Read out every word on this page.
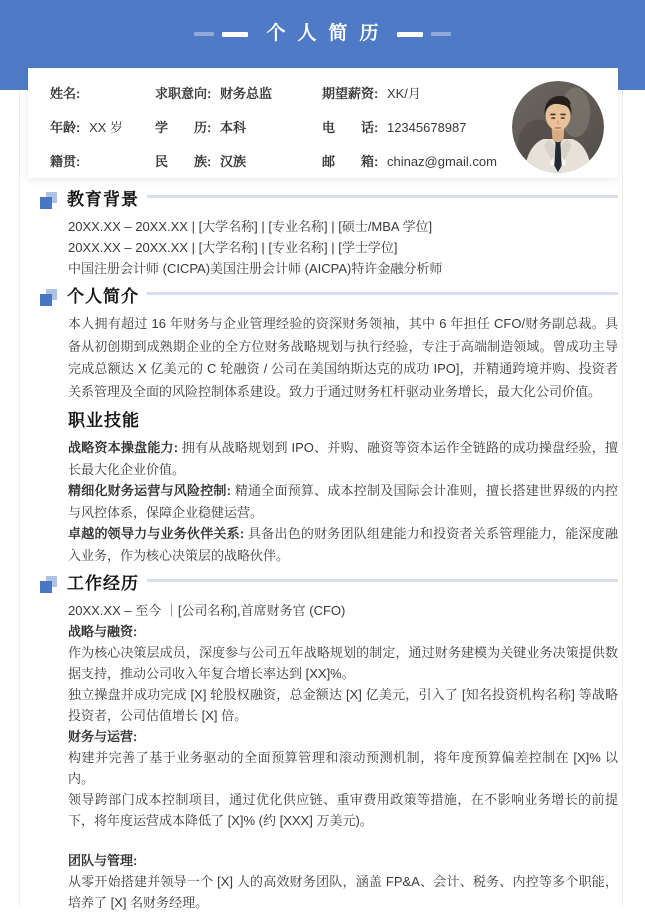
个人简历
姓名:	求职意向: 财务总监	期望薪资: XK/月
年龄: XX 岁	学　　历: 本科	电　　话: 12345678987
籍贯:	民　　族: 汉族	邮　　箱: chinaz@gmail.com
教育背景

20XX.XX – 20XX.XX | [大学名称] | [专业名称] | [硕士/MBA 学位]

20XX.XX – 20XX.XX | [大学名称] | [专业名称] | [学士学位]

中国注册会计师 (CICPA)美国注册会计师 (AICPA)特许金融分析师

个人简介

本人拥有超过 16 年财务与企业管理经验的资深财务领袖，其中 6 年担任 CFO/财务副总裁。具备从初创期到成熟期企业的全方位财务战略规划与执行经验，专注于高端制造领域。曾成功主导完成总额达 X 亿美元的 C 轮融资 / 公司在美国纳斯达克的成功 IPO]，并精通跨境并购、投资者关系管理及全面的风险控制体系建设。致力于通过财务杠杆驱动业务增长，最大化公司价值。

职业技能

战略资本操盘能力: 拥有从战略规划到 IPO、并购、融资等资本运作全链路的成功操盘经验，擅长最大化企业价值。

精细化财务运营与风险控制: 精通全面预算、成本控制及国际会计准则，擅长搭建世界级的内控与风控体系，保障企业稳健运营。

卓越的领导力与业务伙伴关系: 具备出色的财务团队组建能力和投资者关系管理能力，能深度融入业务，作为核心决策层的战略伙伴。

工作经历

20XX.XX – 至今 ｜[公司名称],首席财务官 (CFO)

战略与融资:

作为核心决策层成员，深度参与公司五年战略规划的制定，通过财务建模为关键业务决策提供数据支持，推动公司收入年复合增长率达到 [XX]%。

独立操盘并成功完成 [X] 轮股权融资，总金额达 [X] 亿美元，引入了 [知名投资机构名称] 等战略投资者，公司估值增长 [X] 倍。

财务与运营:

构建并完善了基于业务驱动的全面预算管理和滚动预测机制，将年度预算偏差控制在 [X]% 以内。

领导跨部门成本控制项目，通过优化供应链、重审费用政策等措施，在不影响业务增长的前提下，将年度运营成本降低了 [X]% (约 [XXX] 万美元)。

团队与管理:

从零开始搭建并领导一个 [X] 人的高效财务团队，涵盖 FP&A、会计、税务、内控等多个职能，培养了 [X] 名财务经理。
